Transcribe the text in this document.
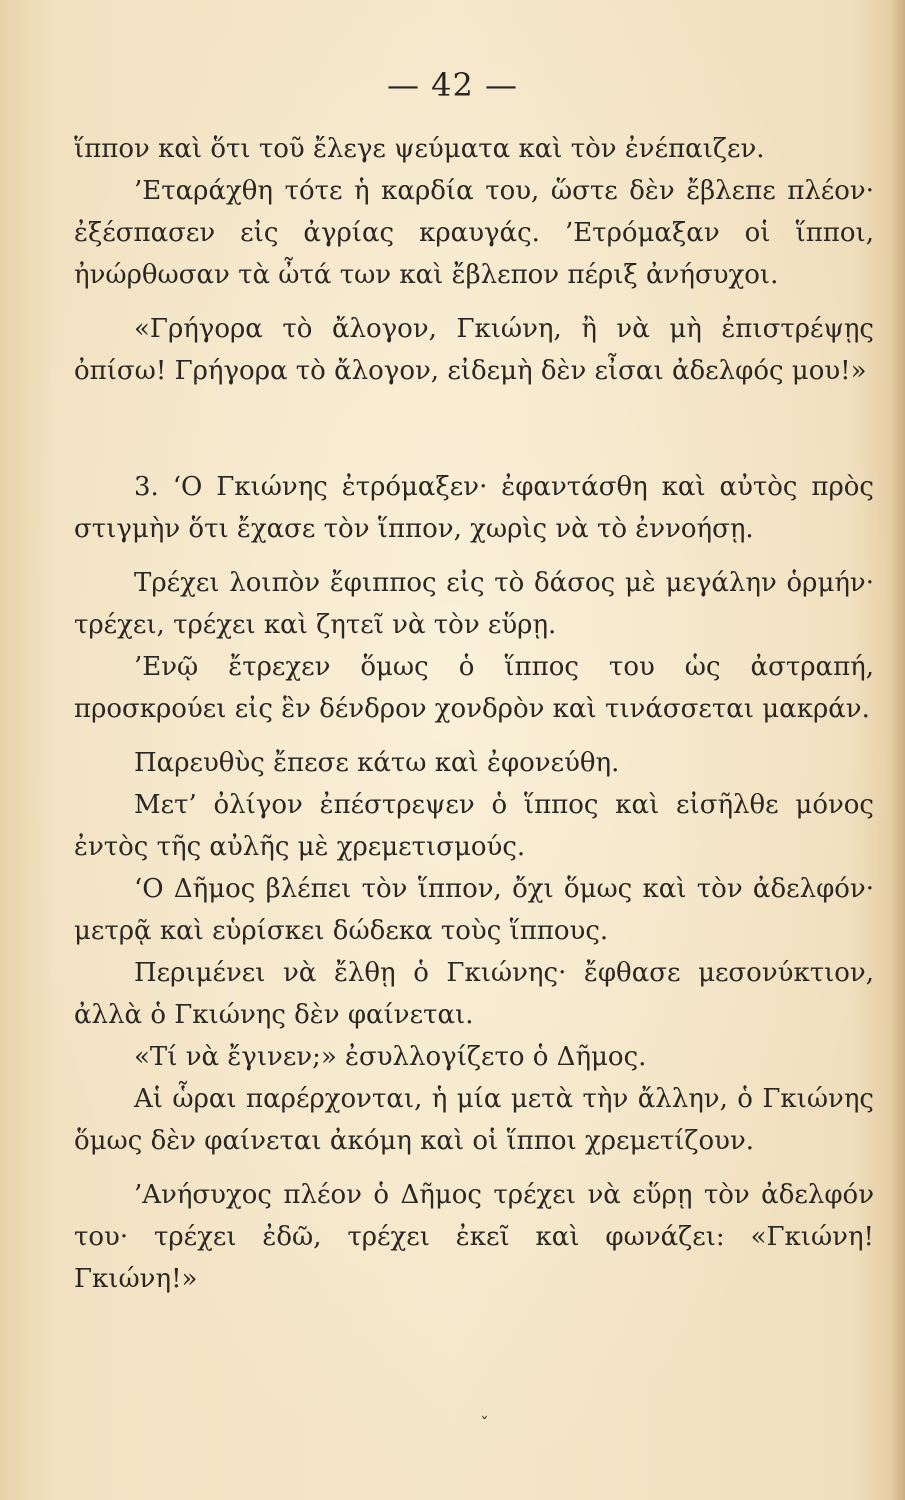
— 42 —

ἵππον καὶ ὅτι τοῦ ἔλεγε ψεύματα καὶ τὸν ἐνέπαιζεν.

’Εταράχθη τότε ἡ καρδία του, ὥστε δὲν ἔβλεπε πλέον· ἐξέσπασεν εἰς ἀγρίας κραυγάς. ’Ετρόμαξαν οἱ ἵπποι, ἠνώρθωσαν τὰ ὦτά των καὶ ἔβλεπον πέριξ ἀνήσυχοι.

«Γρήγορα τὸ ἄλογον, Γκιώνη, ἢ νὰ μὴ ἐπιστρέψῃς ὀπίσω! Γρήγορα τὸ ἄλογον, εἰδεμὴ δὲν εἶσαι ἀδελφός μου!»

3. ‘Ο Γκιώνης ἐτρόμαξεν· ἐφαντάσθη καὶ αὐτὸς πρὸς στιγμὴν ὅτι ἔχασε τὸν ἵππον, χωρὶς νὰ τὸ ἐννοήσῃ.

Τρέχει λοιπὸν ἔφιππος εἰς τὸ δάσος μὲ μεγάλην ὁρμήν· τρέχει, τρέχει καὶ ζητεῖ νὰ τὸν εὕρῃ.

’Ενῷ ἔτρεχεν ὅμως ὁ ἵππος του ὡς ἀστραπή, προσκρούει εἰς ἓν δένδρον χονδρὸν καὶ τινάσσεται μακράν.

Παρευθὺς ἔπεσε κάτω καὶ ἐφονεύθη.

Μετ’ ὀλίγον ἐπέστρεψεν ὁ ἵππος καὶ εἰσῆλθε μόνος ἐντὸς τῆς αὐλῆς μὲ χρεμετισμούς.

‘Ο Δῆμος βλέπει τὸν ἵππον, ὄχι ὅμως καὶ τὸν ἀδελφόν· μετρᾷ καὶ εὑρίσκει δώδεκα τοὺς ἵππους.

Περιμένει νὰ ἔλθῃ ὁ Γκιώνης· ἔφθασε μεσονύκτιον, ἀλλὰ ὁ Γκιώνης δὲν φαίνεται.

«Τί νὰ ἔγινεν;» ἐσυλλογίζετο ὁ Δῆμος.

Αἱ ὧραι παρέρχονται, ἡ μία μετὰ τὴν ἄλλην, ὁ Γκιώνης ὅμως δὲν φαίνεται ἀκόμη καὶ οἱ ἵπποι χρεμετίζουν.

’Ανήσυχος πλέον ὁ Δῆμος τρέχει νὰ εὕρῃ τὸν ἀδελφόν του· τρέχει ἐδῶ, τρέχει ἐκεῖ καὶ φωνάζει: «Γκιώνη! Γκιώνη!»

ˇ
